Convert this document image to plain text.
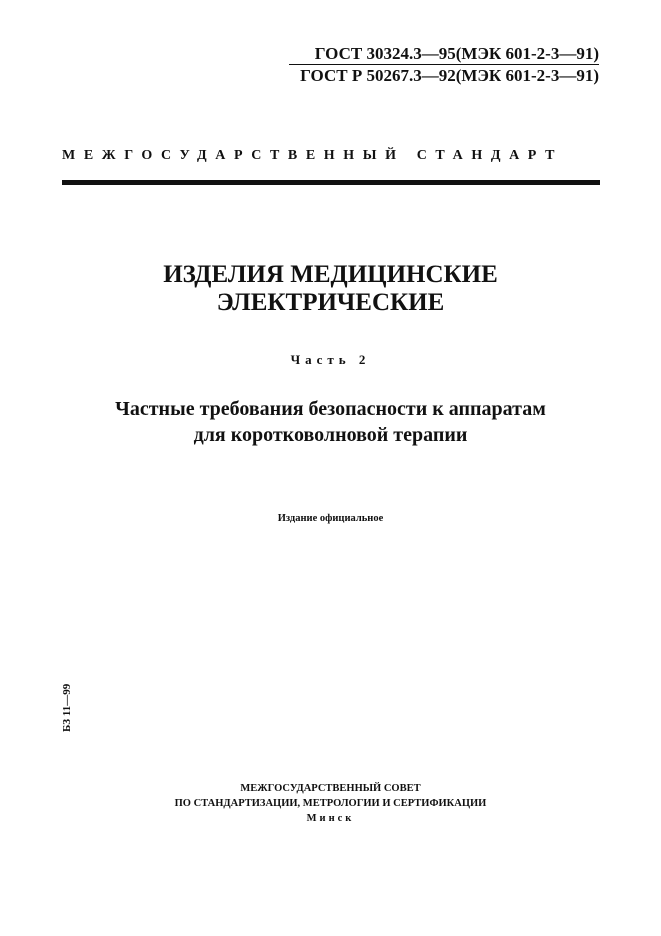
ГОСТ 30324.3—95(МЭК 601-2-3—91)
ГОСТ Р 50267.3—92(МЭК 601-2-3—91)
МЕЖГОСУДАРСТВЕННЫЙ СТАНДАРТ
ИЗДЕЛИЯ МЕДИЦИНСКИЕ
ЭЛЕКТРИЧЕСКИЕ
Часть 2
Частные требования безопасности к аппаратам
для коротковолновой терапии
Издание официальное
БЗ 11—99
МЕЖГОСУДАРСТВЕННЫЙ СОВЕТ
ПО СТАНДАРТИЗАЦИИ, МЕТРОЛОГИИ И СЕРТИФИКАЦИИ
Минск
